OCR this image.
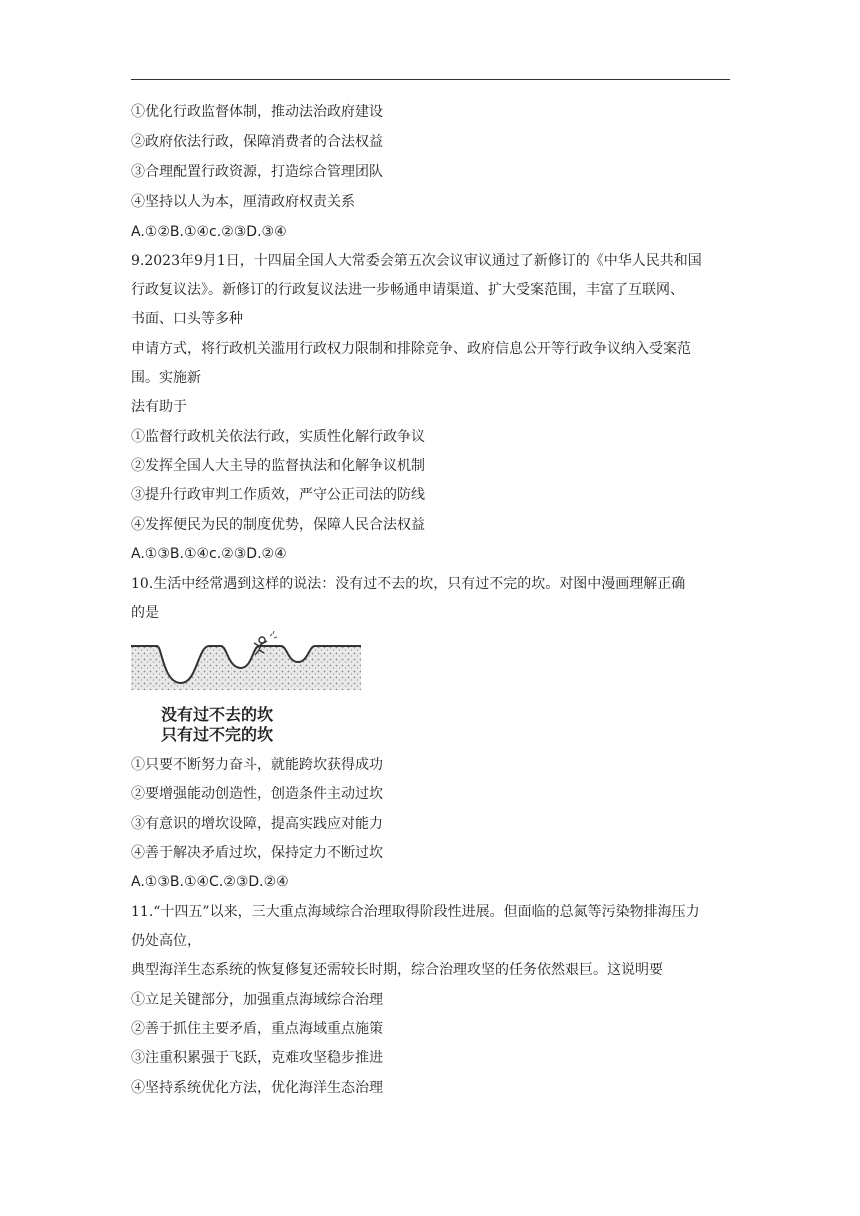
①优化行政监督体制，推动法治政府建设
②政府依法行政，保障消费者的合法权益
③合理配置行政资源，打造综合管理团队
④坚持以人为本，厘清政府权责关系
A.①②B.①④c.②③D.③④
9.2023年9月1日，十四届全国人大常委会第五次会议审议通过了新修订的《中华人民共和国
行政复议法》。新修订的行政复议法进一步畅通申请渠道、扩大受案范围，丰富了互联网、
书面、口头等多种
申请方式，将行政机关滥用行政权力限制和排除竞争、政府信息公开等行政争议纳入受案范
围。实施新
法有助于
①监督行政机关依法行政，实质性化解行政争议
②发挥全国人大主导的监督执法和化解争议机制
③提升行政审判工作质效，严守公正司法的防线
④发挥便民为民的制度优势，保障人民合法权益
A.①③B.①④c.②③D.②④
10.生活中经常遇到这样的说法：没有过不去的坎，只有过不完的坎。对图中漫画理解正确
的是
没有过不去的坎
只有过不完的坎
①只要不断努力奋斗，就能跨坎获得成功
②要增强能动创造性，创造条件主动过坎
③有意识的增坎设障，提高实践应对能力
④善于解决矛盾过坎，保持定力不断过坎
A.①③B.①④C.②③D.②④
11.“十四五”以来，三大重点海域综合治理取得阶段性进展。但面临的总氮等污染物排海压力
仍处高位，
典型海洋生态系统的恢复修复还需较长时期，综合治理攻坚的任务依然艰巨。这说明要
①立足关键部分，加强重点海域综合治理
②善于抓住主要矛盾，重点海域重点施策
③注重积累强于飞跃，克难攻坚稳步推进
④坚持系统优化方法，优化海洋生态治理
